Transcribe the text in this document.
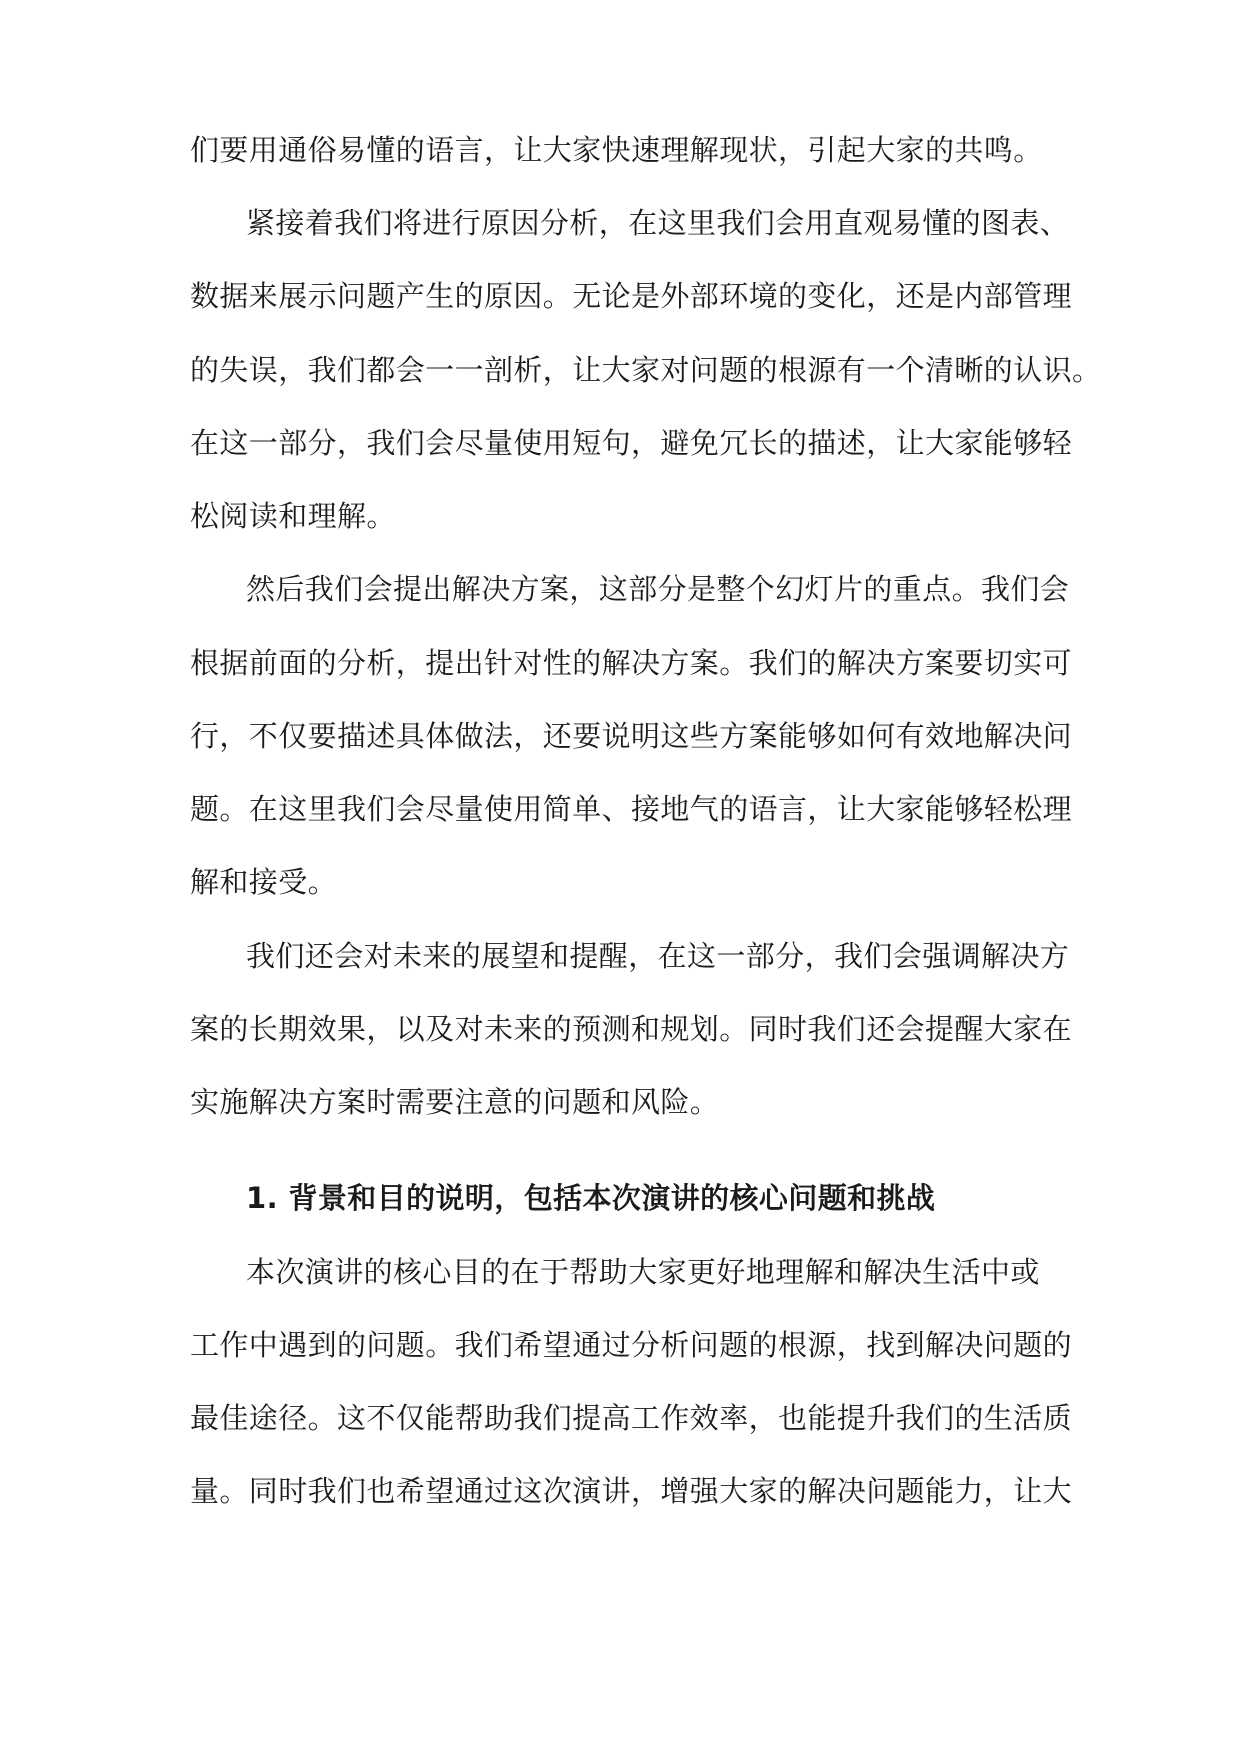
们要用通俗易懂的语言，让大家快速理解现状，引起大家的共鸣。
紧接着我们将进行原因分析，在这里我们会用直观易懂的图表、
数据来展示问题产生的原因。无论是外部环境的变化，还是内部管理
的失误，我们都会一一剖析，让大家对问题的根源有一个清晰的认识。
在这一部分，我们会尽量使用短句，避免冗长的描述，让大家能够轻
松阅读和理解。
然后我们会提出解决方案，这部分是整个幻灯片的重点。我们会
根据前面的分析，提出针对性的解决方案。我们的解决方案要切实可
行，不仅要描述具体做法，还要说明这些方案能够如何有效地解决问
题。在这里我们会尽量使用简单、接地气的语言，让大家能够轻松理
解和接受。
我们还会对未来的展望和提醒，在这一部分，我们会强调解决方
案的长期效果，以及对未来的预测和规划。同时我们还会提醒大家在
实施解决方案时需要注意的问题和风险。
1. 背景和目的说明，包括本次演讲的核心问题和挑战
本次演讲的核心目的在于帮助大家更好地理解和解决生活中或
工作中遇到的问题。我们希望通过分析问题的根源，找到解决问题的
最佳途径。这不仅能帮助我们提高工作效率，也能提升我们的生活质
量。同时我们也希望通过这次演讲，增强大家的解决问题能力，让大
